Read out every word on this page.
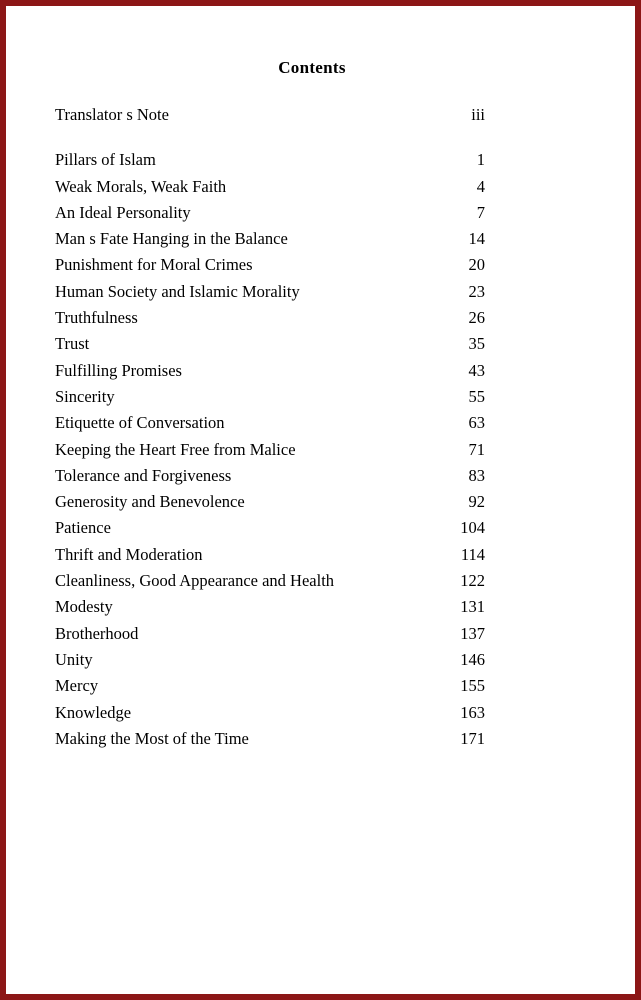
Contents
Translator s Note	iii
Pillars of Islam	1
Weak Morals, Weak Faith	4
An Ideal Personality	7
Man s Fate Hanging in the Balance	14
Punishment for Moral Crimes	20
Human Society and Islamic Morality	23
Truthfulness	26
Trust	35
Fulfilling Promises	43
Sincerity	55
Etiquette of Conversation	63
Keeping the Heart Free from Malice	71
Tolerance and Forgiveness	83
Generosity and Benevolence	92
Patience	104
Thrift and Moderation	114
Cleanliness, Good Appearance and Health	122
Modesty	131
Brotherhood	137
Unity	146
Mercy	155
Knowledge	163
Making the Most of the Time	171
